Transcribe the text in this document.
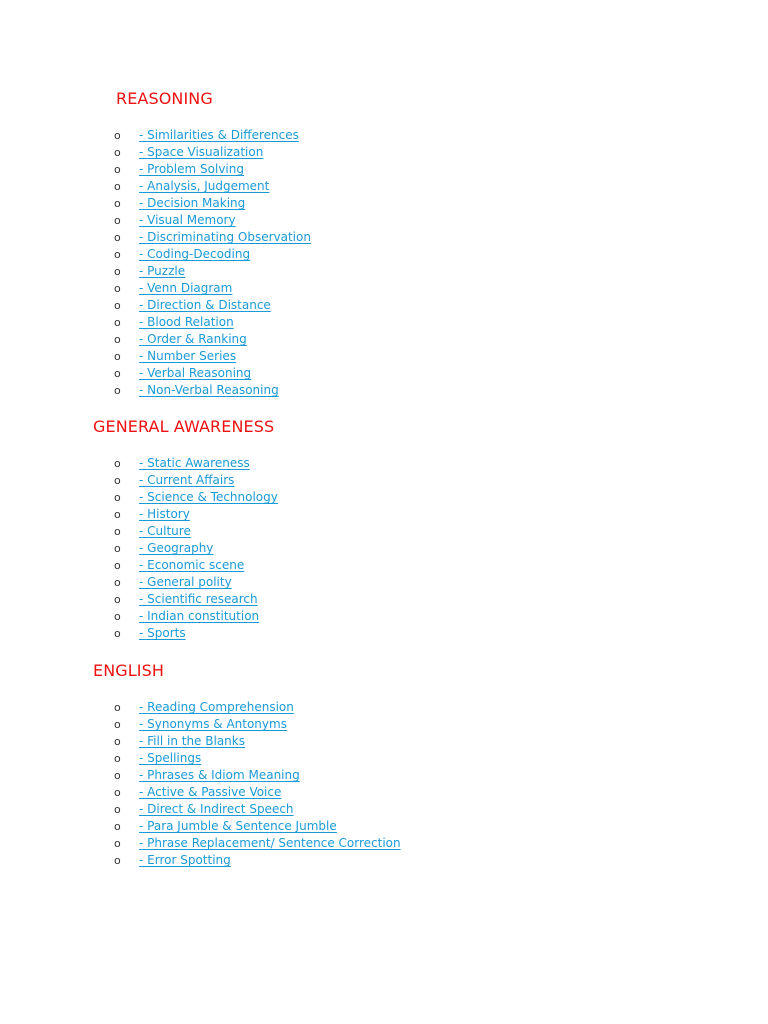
REASONING
o - Similarities & Differences
o - Space Visualization
o - Problem Solving
o - Analysis, Judgement
o - Decision Making
o - Visual Memory
o - Discriminating Observation
o - Coding-Decoding
o - Puzzle
o - Venn Diagram
o - Direction & Distance
o - Blood Relation
o - Order & Ranking
o - Number Series
o - Verbal Reasoning
o - Non-Verbal Reasoning
GENERAL AWARENESS
o - Static Awareness
o - Current Affairs
o - Science & Technology
o - History
o - Culture
o - Geography
o - Economic scene
o - General polity
o - Scientific research
o - Indian constitution
o - Sports
ENGLISH
o - Reading Comprehension
o - Synonyms & Antonyms
o - Fill in the Blanks
o - Spellings
o - Phrases & Idiom Meaning
o - Active & Passive Voice
o - Direct & Indirect Speech
o - Para Jumble & Sentence Jumble
o - Phrase Replacement/ Sentence Correction
o - Error Spotting
